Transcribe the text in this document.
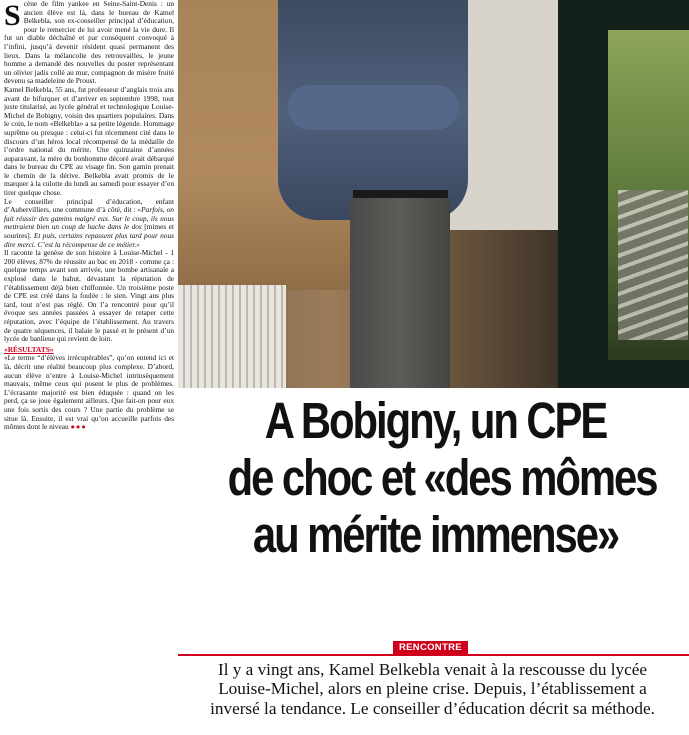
Scène de film yankee en Seine-Saint-Denis : un ancien élève est là, dans le bureau de Kamel Belkebla, son ex-conseiller principal d’éducation, pour le remercier de lui avoir mené la vie dure. Il fut un diable déchaîné et par conséquent convoqué à l’infini, jusqu’à devenir résident quasi permanent des lieux. Dans la mélancolie des retrouvailles, le jeune homme a demandé des nouvelles du poster représentant un olivier jadis collé au mur, compagnon de misère fruité devenu sa madeleine de Proust.

Kamel Belkebla, 55 ans, fut professeur d’anglais trois ans avant de bifurquer et d’arriver en septembre 1998, tout juste titularisé, au lycée général et technologique Louise-Michel de Bobigny, voisin des quartiers populaires. Dans le coin, le nom «Belkebla» a sa petite légende. Hommage suprême ou presque : celui-ci fut récemment cité dans le discours d’un héros local récompensé de la médaille de l’ordre national du mérite. Une quinzaine d’années auparavant, la mère du bonhomme décoré avait débarqué dans le bureau du CPE au visage fin. Son gamin prenait le chemin de la dérive. Belkebla avait promis de le marquer à la culotte du lundi au samedi pour essayer d’en tirer quelque chose.

Le conseiller principal d’éducation, enfant d’Aubervilliers, une commune d’à côté, dit : «Parfois, on fait réussir des gamins malgré eux. Sur le coup, ils nous mettraient bien un coup de hache dans le dos [mimes et sourires]. Et puis, certains repassent plus tard pour nous dire merci. C’est la récompense de ce métier.»

Il raconte la genèse de son histoire à Louise-Michel - 1 200 élèves, 87% de réussite au bac en 2018 - comme ça : quelque temps avant son arrivée, une bombe artisanale a explosé dans le bahut, dévastant la réputation de l’établissement déjà bien chiffonnée. Un troisième poste de CPE est créé dans la foulée : le sien. Vingt ans plus tard, tout n’est pas réglé. On l’a rencontré pour qu’il évoque ses années passées à essayer de retaper cette réputation, avec l’équipe de l’établissement. Au travers de quatre séquences, il balaie le passé et le présent d’un lycée de banlieue qui revient de loin.

«RÉSULTATS»

«Le terme “d’élèves irrécupérables”, qu’on entend ici et là, décrit une réalité beaucoup plus complexe. D’abord, aucun élève n’entre à Louise-Michel intrinsèquement mauvais, même ceux qui posent le plus de problèmes. L’écrasante majorité est bien éduquée : quand on les perd, ça se joue également ailleurs. Que fait-on pour eux une fois sortis des cours ? Une partie du problème se situe là. Ensuite, il est vrai qu’on accueille parfois des mômes dont le niveau ●●●	A Bobigny, un CPE
de choc et «des mômes
au mérite immense»
RENCONTRE
Il y a vingt ans, Kamel Belkebla venait à la rescousse du lycée
Louise-Michel, alors en pleine crise. Depuis, l’établissement a
inversé la tendance. Le conseiller d’éducation décrit sa méthode.
